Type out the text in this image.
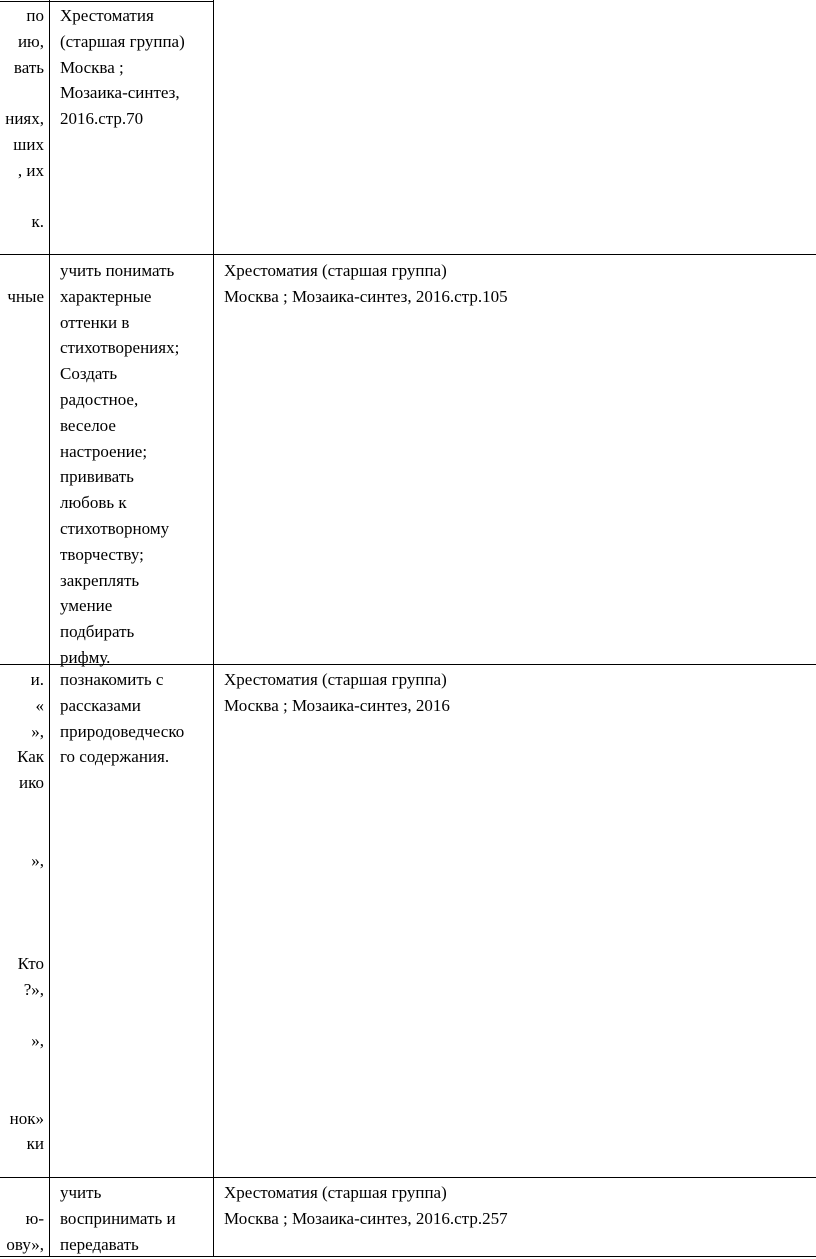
по
ию,
вать

ниях,
ших
, их

к.
Хрестоматия
(старшая группа)
Москва ;
Мозаика-синтез,
2016.стр.70
чные
учить понимать
характерные
оттенки в
стихотворениях;
Создать
радостное,
веселое
настроение;
прививать
любовь к
стихотворному
творчеству;
закреплять
умение
подбирать
рифму.
Хрестоматия (старшая группа)
Москва ; Мозаика-синтез, 2016.стр.105
и.
«
»,
Как
ико

»,

Кто
?»,

»,

нок»
ки
познакомить с
рассказами
природоведческо
го содержания.
Хрестоматия (старшая группа)
Москва ; Мозаика-синтез, 2016

ю-
ову»,
учить
воспринимать и
передавать
Хрестоматия (старшая группа)
Москва ; Мозаика-синтез, 2016.стр.257
